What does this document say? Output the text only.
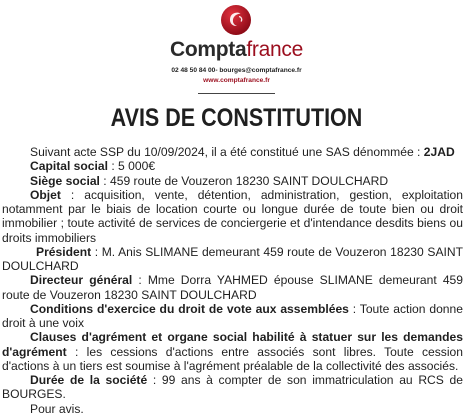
Comptafrance
02 48 50 84 00- bourges@comptafrance.fr
www.comptafrance.fr
AVIS DE CONSTITUTION

Suivant acte SSP du 10/09/2024, il a été constitué une SAS dénommée : 2JAD

Capital social : 5 000€

Siège social : 459 route de Vouzeron 18230 SAINT DOULCHARD

Objet : acquisition, vente, détention, administration, gestion, exploitation notamment par le biais de location courte ou longue durée de toute bien ou droit immobilier ; toute activité de services de conciergerie et d'intendance desdits biens ou droits immobiliers

Président : M. Anis SLIMANE demeurant 459 route de Vouzeron 18230 SAINT DOULCHARD

Directeur général : Mme Dorra YAHMED épouse SLIMANE demeurant 459 route de Vouzeron 18230 SAINT DOULCHARD

Conditions d'exercice du droit de vote aux assemblées : Toute action donne droit à une voix

Clauses d'agrément et organe social habilité à statuer sur les demandes d'agrément : les cessions d'actions entre associés sont libres. Toute cession d'actions à un tiers est soumise à l'agrément préalable de la collectivité des associés.

Durée de la société : 99 ans à compter de son immatriculation au RCS de BOURGES.

Pour avis.
